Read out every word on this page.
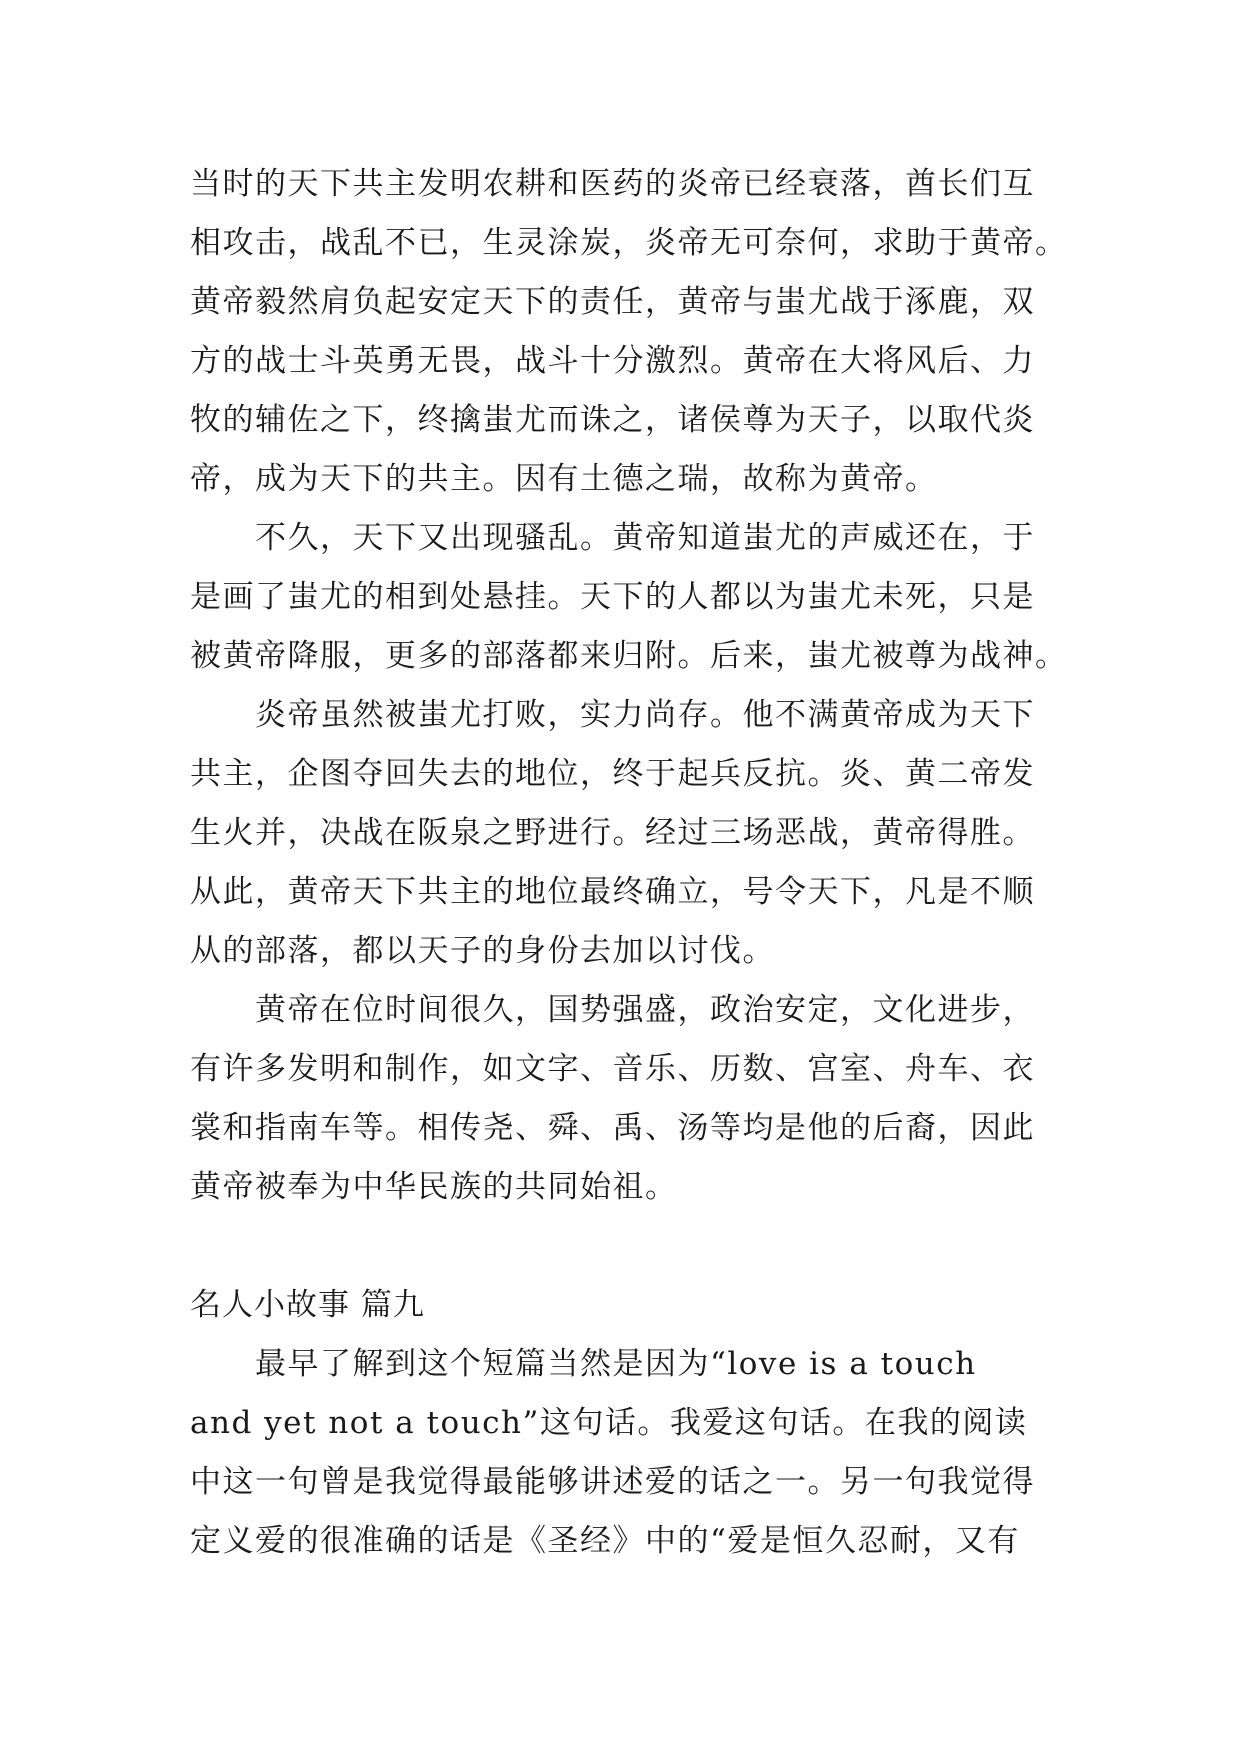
当时的天下共主发明农耕和医药的炎帝已经衰落，酋长们互
相攻击，战乱不已，生灵涂炭，炎帝无可奈何，求助于黄帝。
黄帝毅然肩负起安定天下的责任，黄帝与蚩尤战于涿鹿，双
方的战士斗英勇无畏，战斗十分激烈。黄帝在大将风后、力
牧的辅佐之下，终擒蚩尤而诛之，诸侯尊为天子，以取代炎
帝，成为天下的共主。因有土德之瑞，故称为黄帝。
不久，天下又出现骚乱。黄帝知道蚩尤的声威还在，于
是画了蚩尤的相到处悬挂。天下的人都以为蚩尤未死，只是
被黄帝降服，更多的部落都来归附。后来，蚩尤被尊为战神。
炎帝虽然被蚩尤打败，实力尚存。他不满黄帝成为天下
共主，企图夺回失去的地位，终于起兵反抗。炎、黄二帝发
生火并，决战在阪泉之野进行。经过三场恶战，黄帝得胜。
从此，黄帝天下共主的地位最终确立，号令天下，凡是不顺
从的部落，都以天子的身份去加以讨伐。
黄帝在位时间很久，国势强盛，政治安定，文化进步，
有许多发明和制作，如文字、音乐、历数、宫室、舟车、衣
裳和指南车等。相传尧、舜、禹、汤等均是他的后裔，因此
黄帝被奉为中华民族的共同始祖。
名人小故事 篇九
最早了解到这个短篇当然是因为“love is a touch
and yet not a touch”这句话。我爱这句话。在我的阅读
中这一句曾是我觉得最能够讲述爱的话之一。另一句我觉得
定义爱的很准确的话是《圣经》中的“爱是恒久忍耐，又有
